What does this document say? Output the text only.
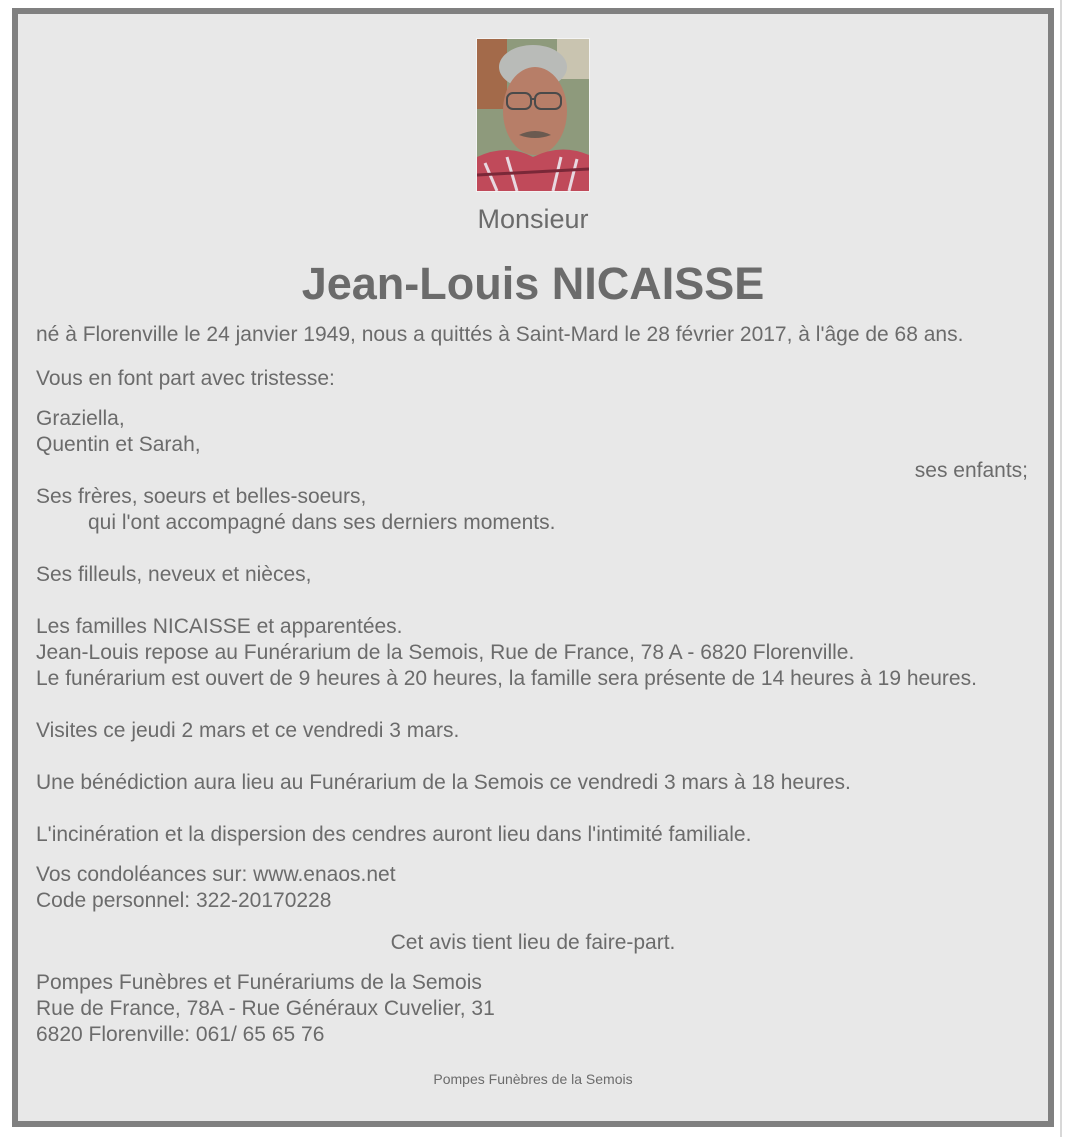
Monsieur
Jean-Louis NICAISSE
né à Florenville le 24 janvier 1949, nous a quittés à Saint-Mard le 28 février 2017, à l'âge de 68 ans.
Vous en font part avec tristesse:
Graziella,
Quentin et Sarah,
ses enfants;
Ses frères, soeurs et belles-soeurs,
qui l'ont accompagné dans ses derniers moments.
Ses filleuls, neveux et nièces,
Les familles NICAISSE et apparentées.
Jean-Louis repose au Funérarium de la Semois, Rue de France, 78 A - 6820 Florenville.
Le funérarium est ouvert de 9 heures à 20 heures, la famille sera présente de 14 heures à 19 heures.
Visites ce jeudi 2 mars et ce vendredi 3 mars.
Une bénédiction aura lieu au Funérarium de la Semois ce vendredi 3 mars à 18 heures.
L'incinération et la dispersion des cendres auront lieu dans l'intimité familiale.
Vos condoléances sur: www.enaos.net
Code personnel: 322-20170228
Cet avis tient lieu de faire-part.
Pompes Funèbres et Funérariums de la Semois
Rue de France, 78A - Rue Généraux Cuvelier, 31
6820 Florenville: 061/ 65 65 76
Pompes Funèbres de la Semois
